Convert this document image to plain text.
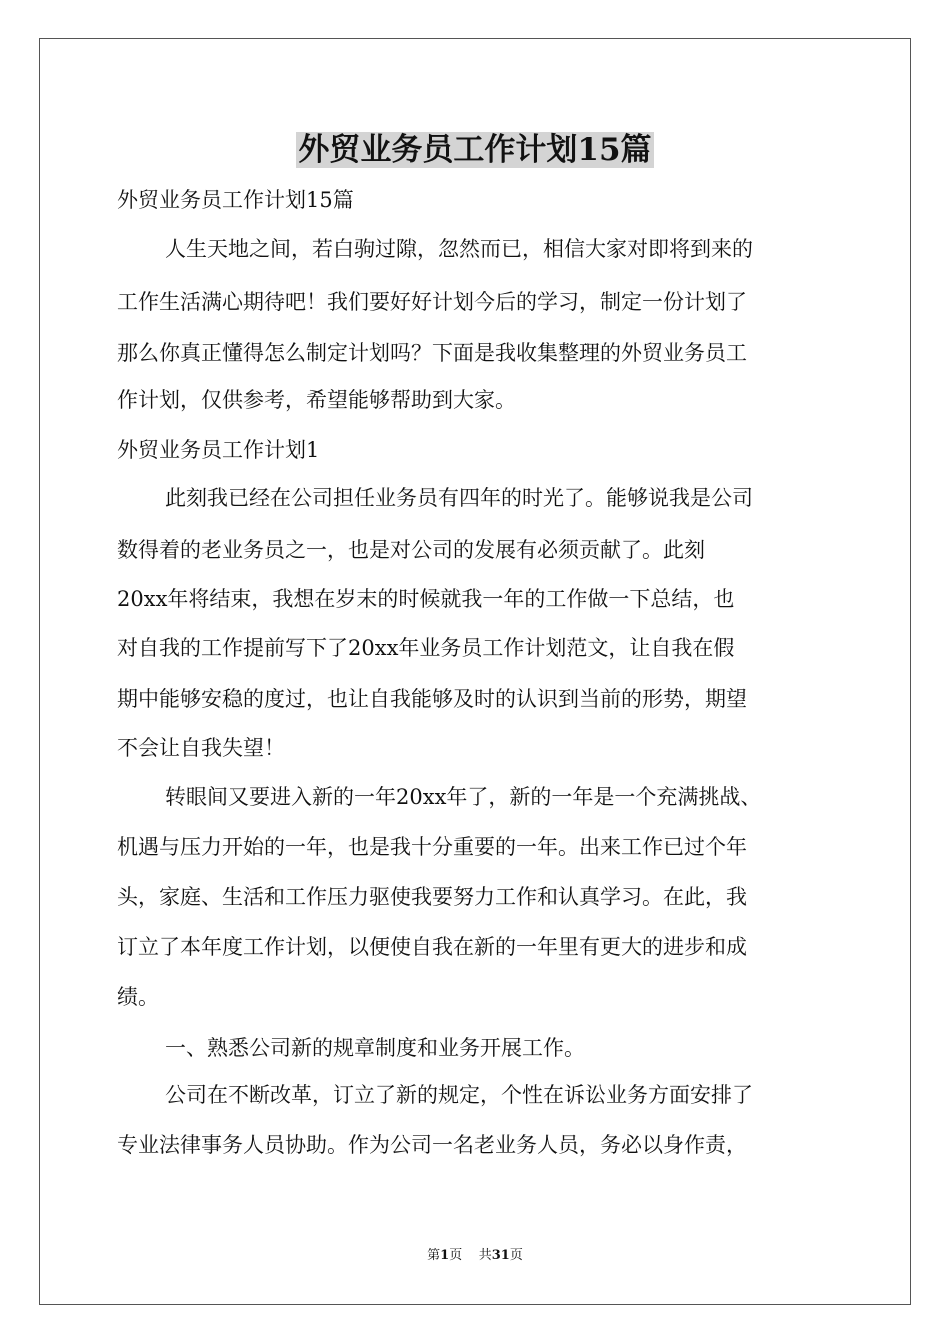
外贸业务员工作计划15篇

外贸业务员工作计划15篇

人生天地之间，若白驹过隙，忽然而已，相信大家对即将到来的

工作生活满心期待吧！我们要好好计划今后的学习，制定一份计划了

那么你真正懂得怎么制定计划吗？下面是我收集整理的外贸业务员工

作计划，仅供参考，希望能够帮助到大家。

外贸业务员工作计划1

此刻我已经在公司担任业务员有四年的时光了。能够说我是公司

数得着的老业务员之一，也是对公司的发展有必须贡献了。此刻

20xx年将结束，我想在岁末的时候就我一年的工作做一下总结，也

对自我的工作提前写下了20xx年业务员工作计划范文，让自我在假

期中能够安稳的度过，也让自我能够及时的认识到当前的形势，期望

不会让自我失望！

转眼间又要进入新的一年20xx年了，新的一年是一个充满挑战、

机遇与压力开始的一年，也是我十分重要的一年。出来工作已过个年

头，家庭、生活和工作压力驱使我要努力工作和认真学习。在此，我

订立了本年度工作计划，以便使自我在新的一年里有更大的进步和成

绩。

一、熟悉公司新的规章制度和业务开展工作。

公司在不断改革，订立了新的规定，个性在诉讼业务方面安排了

专业法律事务人员协助。作为公司一名老业务人员，务必以身作责，

第1页 共31页
